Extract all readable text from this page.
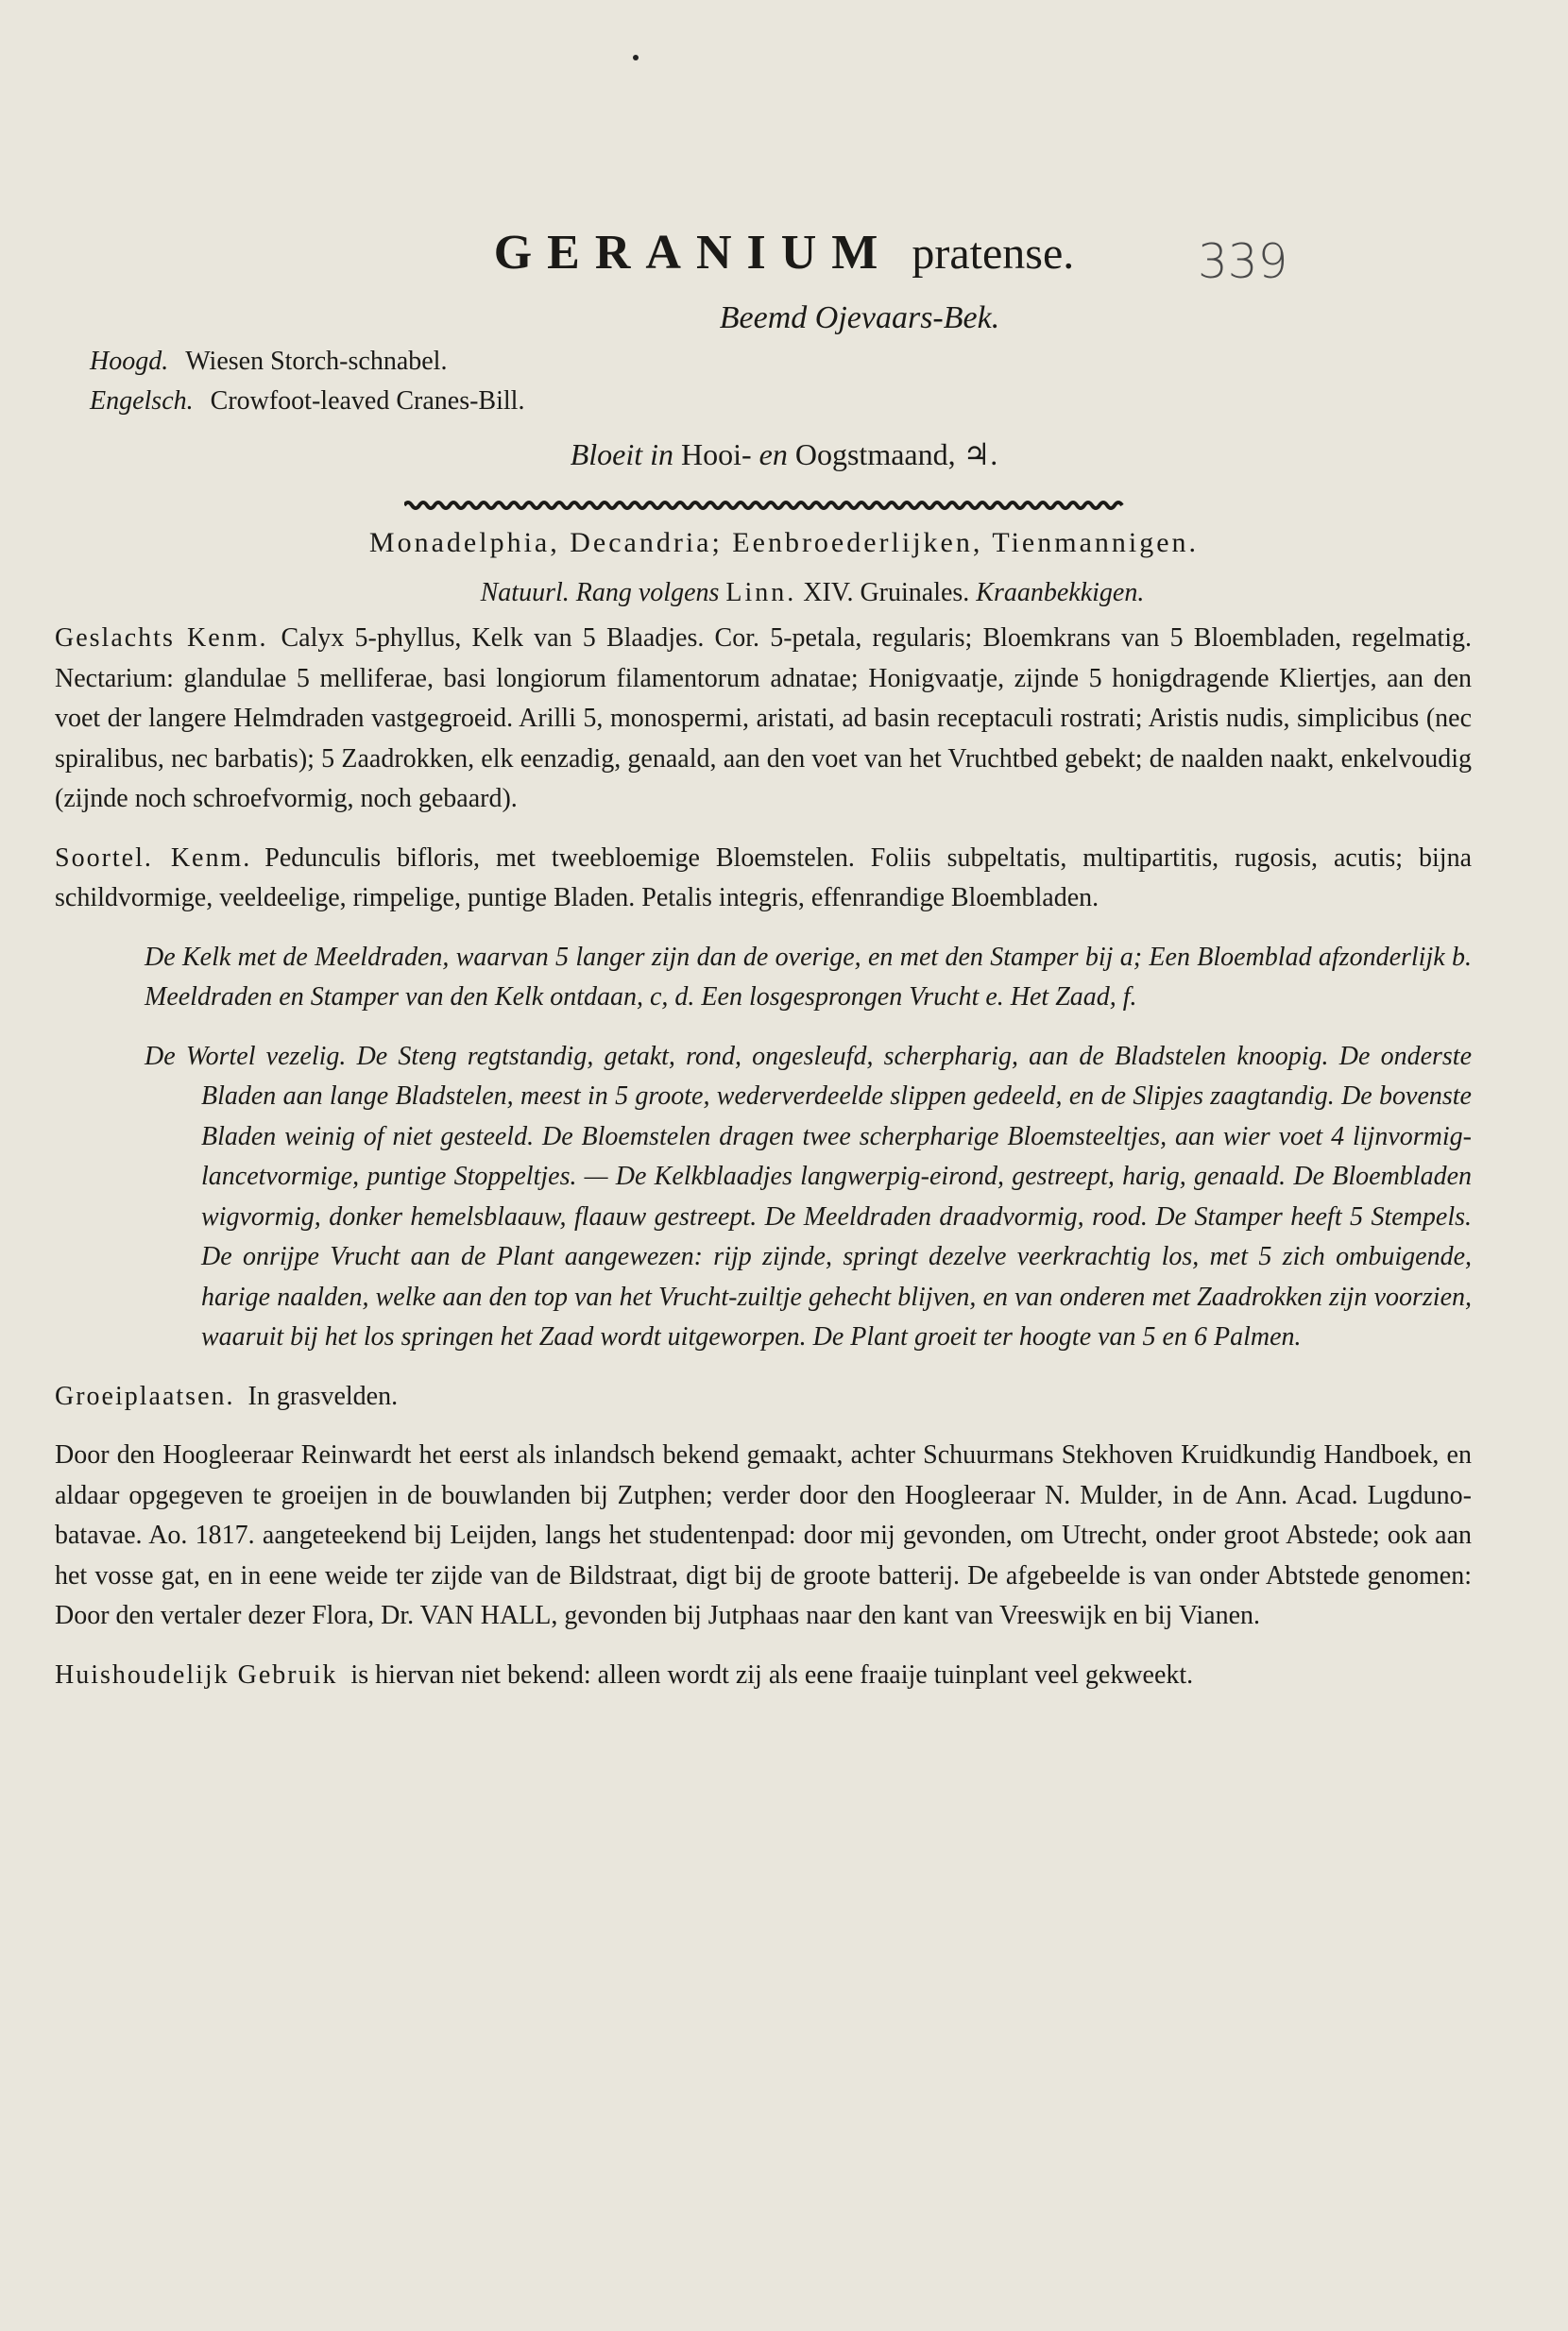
GERANIUM pratense.	339
Beemd Ojevaars-Bek.
Hoogd. Wiesen Storch-schnabel.
Engelsch. Crowfoot-leaved Cranes-Bill.
Bloeit in Hooi- en Oogstmaand, ♃.
Monadelphia, Decandria; Eenbroederlijken, Tienmannigen.
Natuurl. Rang volgens Linn. XIV. Gruinales. Kraanbekkigen.

Geslachts Kenm. Calyx 5-phyllus, Kelk van 5 Blaadjes. Cor. 5-petala, regularis; Bloemkrans van 5 Bloembladen, regelmatig. Nectarium: glandulae 5 melliferae, basi longiorum filamentorum adnatae; Honigvaatje, zijnde 5 honigdragende Kliertjes, aan den voet der langere Helmdraden vastgegroeid. Arilli 5, monospermi, aristati, ad basin receptaculi rostrati; Aristis nudis, simplicibus (nec spiralibus, nec barbatis); 5 Zaadrokken, elk eenzadig, genaald, aan den voet van het Vruchtbed gebekt; de naalden naakt, enkelvoudig (zijnde noch schroefvormig, noch gebaard).

Soortel. Kenm. Pedunculis bifloris, met tweebloemige Bloemstelen. Foliis subpeltatis, multipartitis, rugosis, acutis; bijna schildvormige, veeldeelige, rimpelige, puntige Bladen. Petalis integris, effenrandige Bloembladen.

De Kelk met de Meeldraden, waarvan 5 langer zijn dan de overige, en met den Stamper bij a; Een Bloemblad afzonderlijk b. Meeldraden en Stamper van den Kelk ontdaan, c, d. Een losgesprongen Vrucht e. Het Zaad, f.

De Wortel vezelig. De Steng regtstandig, getakt, rond, ongesleufd, scherpharig, aan de Bladstelen knoopig. De onderste Bladen aan lange Bladstelen, meest in 5 groote, wederverdeelde slippen gedeeld, en de Slipjes zaagtandig. De bovenste Bladen weinig of niet gesteeld. De Bloemstelen dragen twee scherpharige Bloemsteeltjes, aan wier voet 4 lijnvormig-lancetvormige, puntige Stoppeltjes. — De Kelkblaadjes langwerpig-eirond, gestreept, harig, genaald. De Bloembladen wigvormig, donker hemelsblaauw, flaauw gestreept. De Meeldraden draadvormig, rood. De Stamper heeft 5 Stempels. De onrijpe Vrucht aan de Plant aangewezen: rijp zijnde, springt dezelve veerkrachtig los, met 5 zich ombuigende, harige naalden, welke aan den top van het Vrucht-zuiltje gehecht blijven, en van onderen met Zaadrokken zijn voorzien, waaruit bij het los springen het Zaad wordt uitgeworpen. De Plant groeit ter hoogte van 5 en 6 Palmen.

Groeiplaatsen. In grasvelden.

Door den Hoogleeraar Reinwardt het eerst als inlandsch bekend gemaakt, achter Schuurmans Stekhoven Kruidkundig Handboek, en aldaar opgegeven te groeijen in de bouwlanden bij Zutphen; verder door den Hoogleeraar N. Mulder, in de Ann. Acad. Lugduno-batavae. Ao. 1817. aangeteekend bij Leijden, langs het studentenpad: door mij gevonden, om Utrecht, onder groot Abstede; ook aan het vosse gat, en in eene weide ter zijde van de Bildstraat, digt bij de groote batterij. De afgebeelde is van onder Abtstede genomen: Door den vertaler dezer Flora, Dr. VAN HALL, gevonden bij Jutphaas naar den kant van Vreeswijk en bij Vianen.

Huishoudelijk Gebruik is hiervan niet bekend: alleen wordt zij als eene fraaije tuinplant veel gekweekt.
